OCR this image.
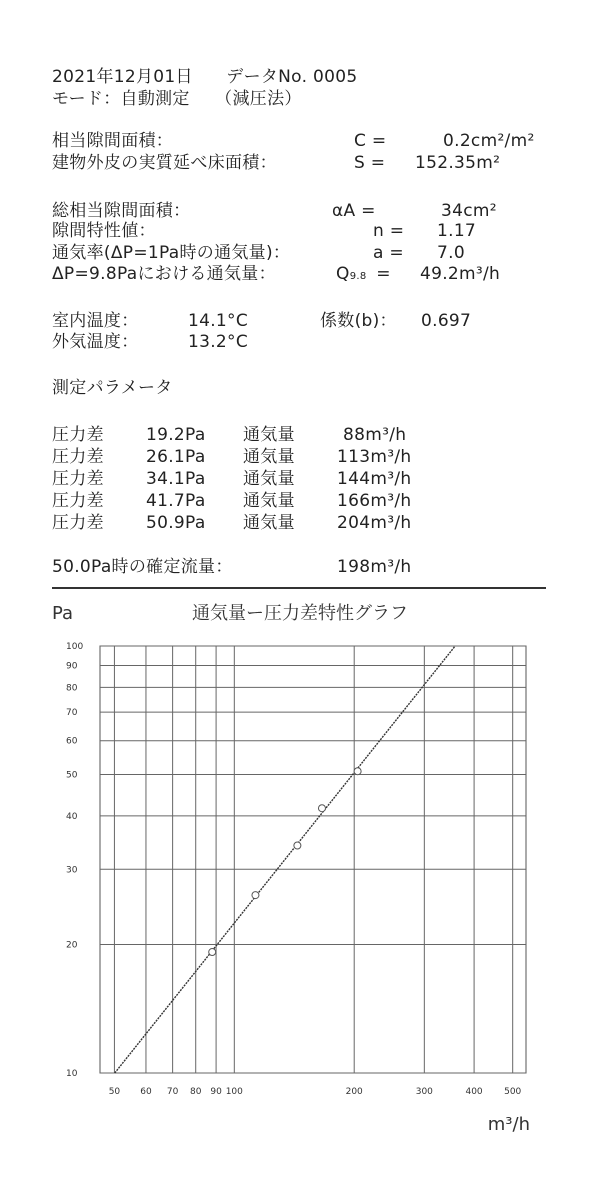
2021年12月01日 データNo. 0005
モード：自動測定 （減圧法）
相当隙間面積：	C =	0.2cm²/m²
建物外皮の実質延べ床面積：	S = 152.35m²
総相当隙間面積：	αA =	34cm²
隙間特性値：	n = 1.17
通気率(ΔP=1Pa時の通気量)：	a = 7.0
ΔP=9.8Paにおける通気量：	Q9.8 = 49.2m³/h
室内温度：	14.1°C	係数(b)： 0.697
外気温度：	13.2°C
測定パラメータ
圧力差 19.2Pa 通気量	88m³/h
圧力差 26.1Pa 通気量 113m³/h
圧力差 34.1Pa 通気量 144m³/h
圧力差 41.7Pa 通気量 166m³/h
圧力差 50.9Pa 通気量 204m³/h
50.0Pa時の確定流量：	198m³/h
Pa	通気量ー圧力差特性グラフ
m³/h
50 60 70 80 90 100	200	300	400 500
10
20
30
40
50
60
70
80
90
100
